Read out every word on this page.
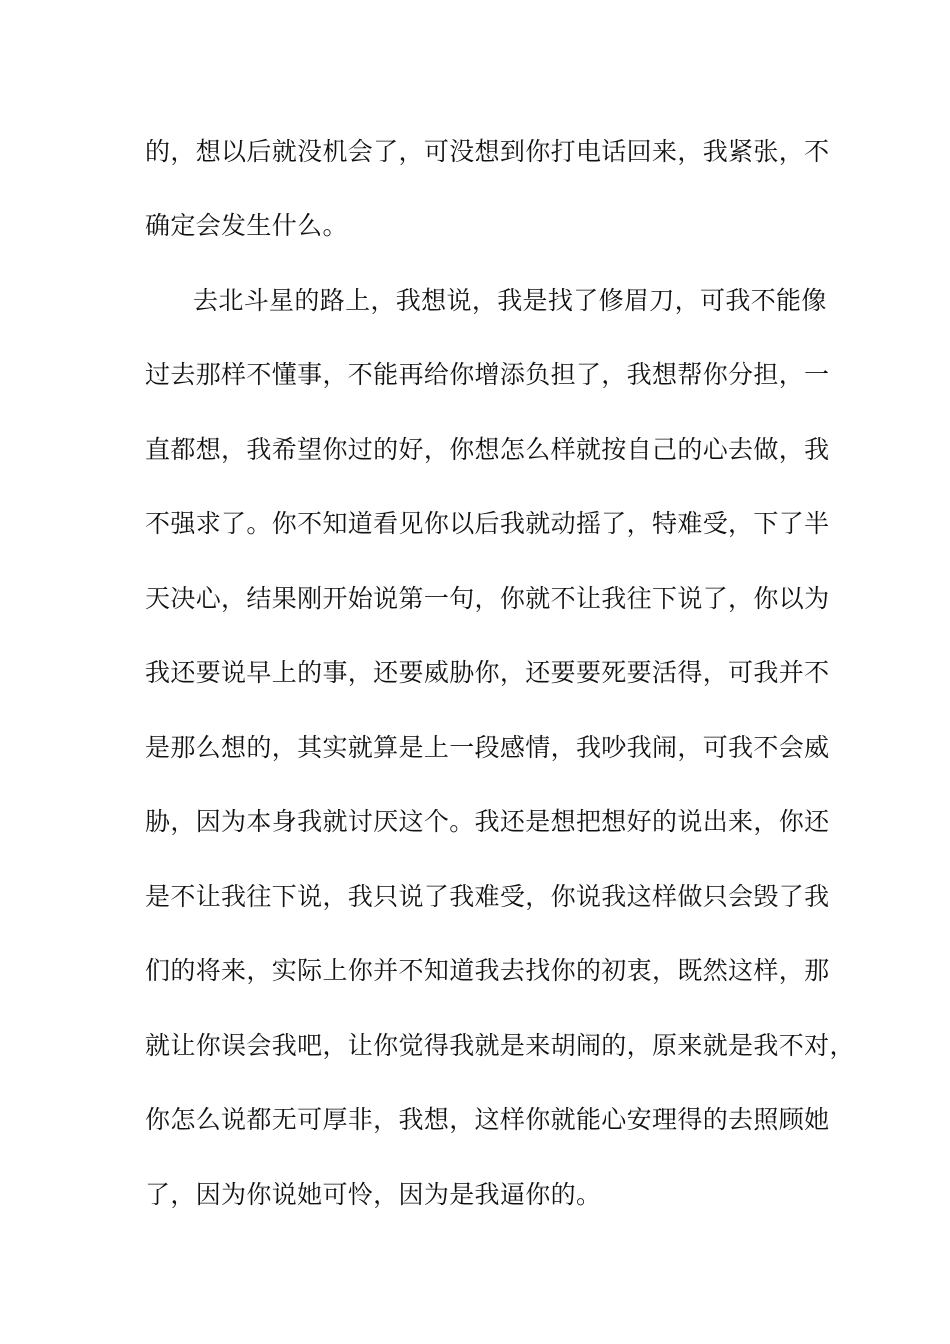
的，想以后就没机会了，可没想到你打电话回来，我紧张，不
确定会发生什么。
去北斗星的路上，我想说，我是找了修眉刀，可我不能像
过去那样不懂事，不能再给你增添负担了，我想帮你分担，一
直都想，我希望你过的好，你想怎么样就按自己的心去做，我
不强求了。你不知道看见你以后我就动摇了，特难受，下了半
天决心，结果刚开始说第一句，你就不让我往下说了，你以为
我还要说早上的事，还要威胁你，还要要死要活得，可我并不
是那么想的，其实就算是上一段感情，我吵我闹，可我不会威
胁，因为本身我就讨厌这个。我还是想把想好的说出来，你还
是不让我往下说，我只说了我难受，你说我这样做只会毁了我
们的将来，实际上你并不知道我去找你的初衷，既然这样，那
就让你误会我吧，让你觉得我就是来胡闹的，原来就是我不对，
你怎么说都无可厚非，我想，这样你就能心安理得的去照顾她
了，因为你说她可怜，因为是我逼你的。
